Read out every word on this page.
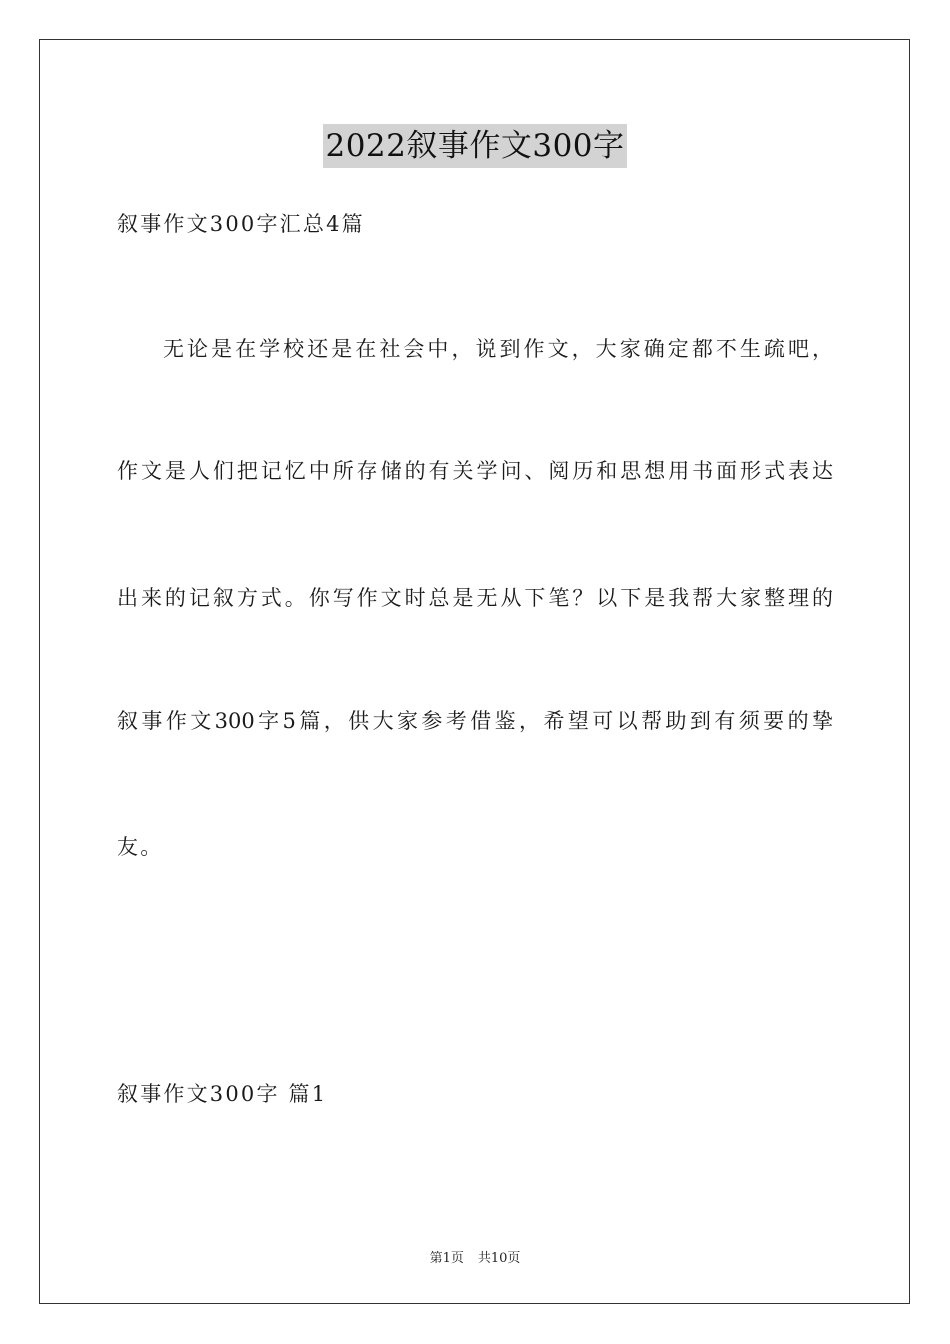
2022叙事作文300字
叙事作文300字汇总4篇
无论是在学校还是在社会中，说到作文，大家确定都不生疏吧，
作文是人们把记忆中所存储的有关学问、阅历和思想用书面形式表达
出来的记叙方式。你写作文时总是无从下笔？以下是我帮大家整理的
叙事作文300字5篇，供大家参考借鉴，希望可以帮助到有须要的挚
友。
叙事作文300字 篇1
第1页 共10页
